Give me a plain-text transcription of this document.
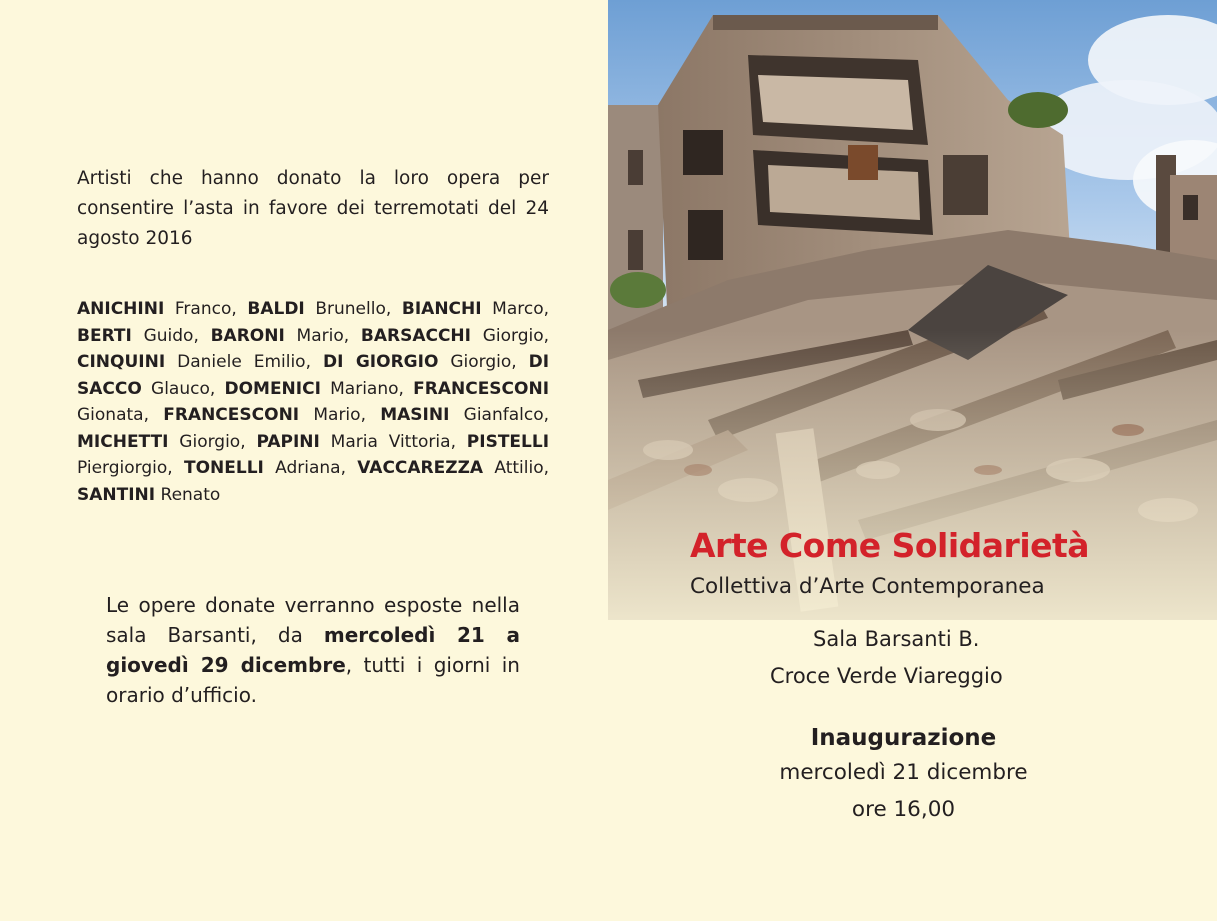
Artisti che hanno donato la loro opera per consentire l’asta in favore dei terremotati del 24 agosto 2016
ANICHINI Franco, BALDI Brunello, BIANCHI Marco, BERTI Guido, BARONI Mario, BARSACCHI Giorgio, CINQUINI Daniele Emilio, DI GIORGIO Giorgio, DI SACCO Glauco, DOMENICI Mariano, FRANCESCONI Gionata, FRANCESCONI Mario, MASINI Gianfalco, MICHETTI Giorgio, PAPINI Maria Vittoria, PISTELLI Piergiorgio, TONELLI Adriana, VACCAREZZA Attilio, SANTINI Renato
Le opere donate verranno esposte nella sala Barsanti, da mercoledì 21 a giovedì 29 dicembre, tutti i giorni in orario d’ufficio.
Arte Come Solidarietà
Collettiva d’Arte Contemporanea
Sala Barsanti B.
Croce Verde Viareggio
Inaugurazione
mercoledì 21 dicembre
ore 16,00
